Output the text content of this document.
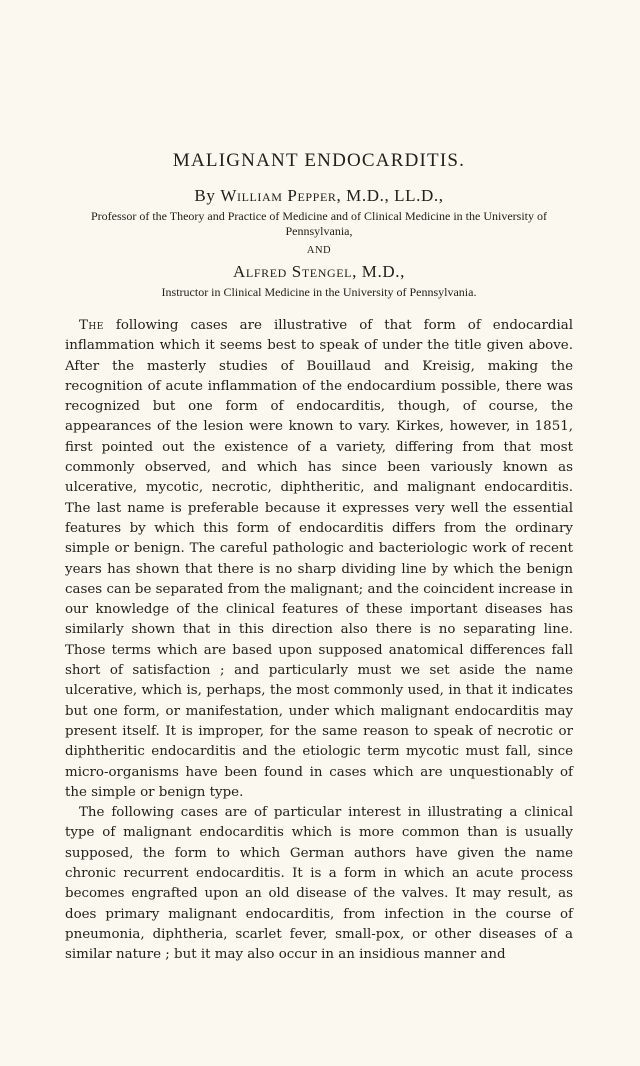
MALIGNANT ENDOCARDITIS.

By William Pepper, M.D., LL.D.,

Professor of the Theory and Practice of Medicine and of Clinical Medicine in the University of Pennsylvania,

AND

Alfred Stengel, M.D.,

Instructor in Clinical Medicine in the University of Pennsylvania.

The following cases are illustrative of that form of endocardial inflammation which it seems best to speak of under the title given above. After the masterly studies of Bouillaud and Kreisig, making the recognition of acute inflammation of the endocardium possible, there was recognized but one form of endocarditis, though, of course, the appearances of the lesion were known to vary. Kirkes, however, in 1851, first pointed out the existence of a variety, differing from that most commonly observed, and which has since been variously known as ulcerative, mycotic, necrotic, diphtheritic, and malignant endocarditis. The last name is preferable because it expresses very well the essential features by which this form of endocarditis differs from the ordinary simple or benign. The careful pathologic and bacteriologic work of recent years has shown that there is no sharp dividing line by which the benign cases can be separated from the malignant; and the coincident increase in our knowledge of the clinical features of these important diseases has similarly shown that in this direction also there is no separating line. Those terms which are based upon supposed anatomical differences fall short of satisfaction ; and particularly must we set aside the name ulcerative, which is, perhaps, the most commonly used, in that it indicates but one form, or manifestation, under which malignant endocarditis may present itself. It is improper, for the same reason to speak of necrotic or diphtheritic endocarditis and the etiologic term mycotic must fall, since micro-organisms have been found in cases which are unquestionably of the simple or benign type.

The following cases are of particular interest in illustrating a clinical type of malignant endocarditis which is more common than is usually supposed, the form to which German authors have given the name chronic recurrent endocarditis. It is a form in which an acute process becomes engrafted upon an old disease of the valves. It may result, as does primary malignant endocarditis, from infection in the course of pneumonia, diphtheria, scarlet fever, small-pox, or other diseases of a similar nature ; but it may also occur in an insidious manner and
